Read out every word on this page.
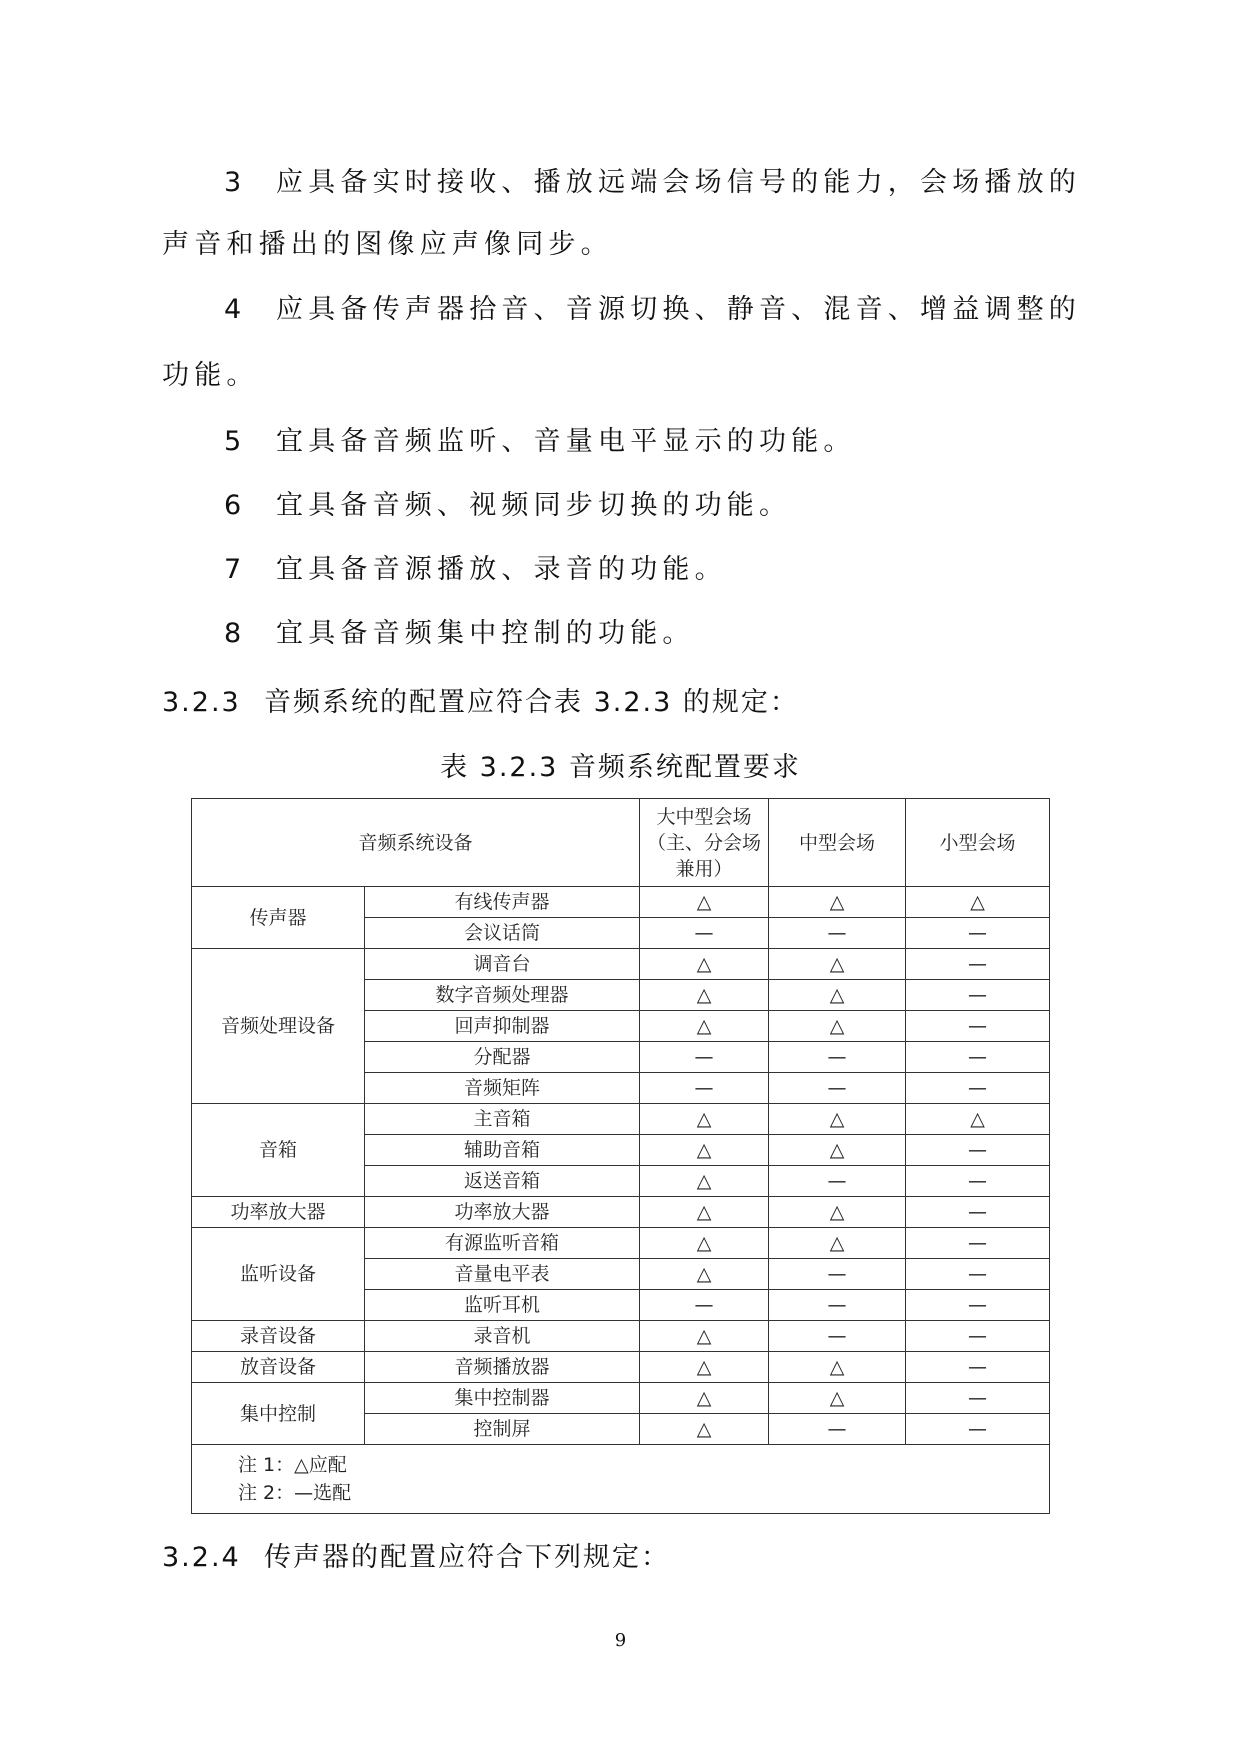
3 应具备实时接收、播放远端会场信号的能力，会场播放的

声音和播出的图像应声像同步。

4 应具备传声器拾音、音源切换、静音、混音、增益调整的

功能。

5 宜具备音频监听、音量电平显示的功能。

6 宜具备音频、视频同步切换的功能。

7 宜具备音源播放、录音的功能。

8 宜具备音频集中控制的功能。

3.2.3 音频系统的配置应符合表 3.2.3 的规定：
表 3.2.3 音频系统配置要求
音频系统设备		大中型会场（主、分会场兼用）	中型会场	小型会场
传声器	有线传声器	△	△	△
	会议话筒	—	—	—
音频处理设备	调音台	△	△	—
	数字音频处理器	△	△	—
	回声抑制器	△	△	—
	分配器	—	—	—
	音频矩阵	—	—	—
音箱	主音箱	△	△	△
	辅助音箱	△	△	—
	返送音箱	△	—	—
功率放大器	功率放大器	△	△	—
监听设备	有源监听音箱	△	△	—
	音量电平表	△	—	—
	监听耳机	—	—	—
录音设备	录音机	△	—	—
放音设备	音频播放器	△	△	—
集中控制	集中控制器	△	△	—
	控制屏	△	—	—

注 1：△应配
注 2：—选配				
3.2.4 传声器的配置应符合下列规定：
9
